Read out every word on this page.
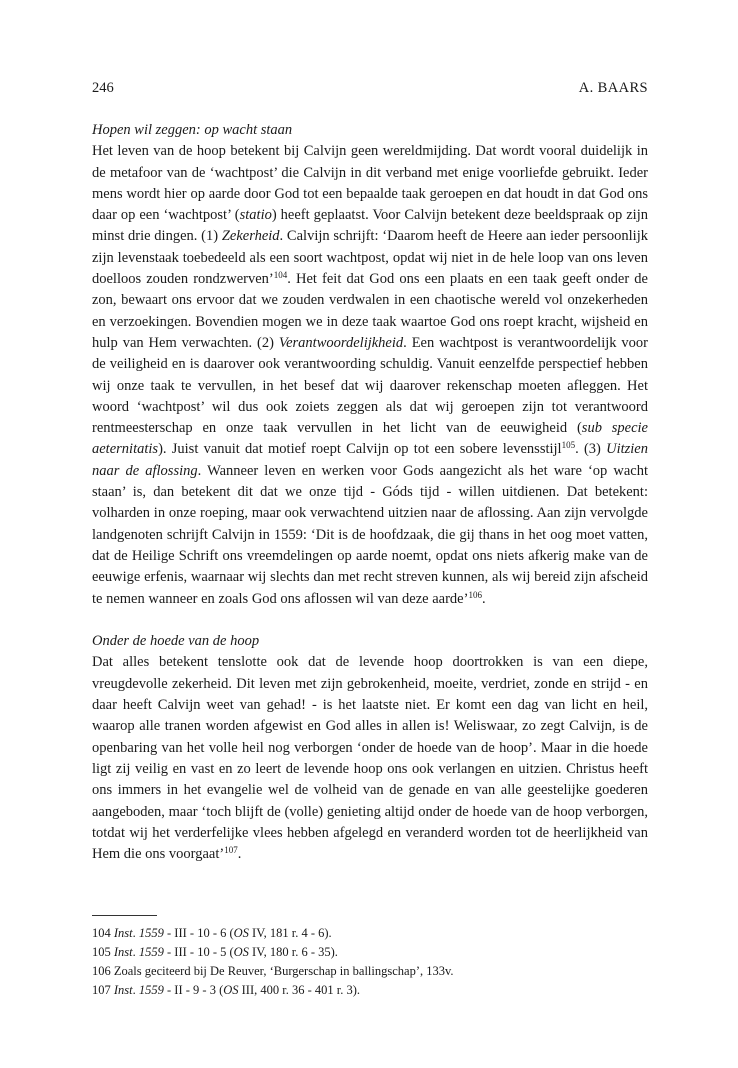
246	A. BAARS

Hopen wil zeggen: op wacht staan

Het leven van de hoop betekent bij Calvijn geen wereldmijding. Dat wordt vooral duidelijk in de metafoor van de ‘wachtpost’ die Calvijn in dit verband met enige voorliefde gebruikt. Ieder mens wordt hier op aarde door God tot een bepaalde taak geroepen en dat houdt in dat God ons daar op een ‘wachtpost’ (statio) heeft geplaatst. Voor Calvijn betekent deze beeldspraak op zijn minst drie dingen. (1) Zekerheid. Calvijn schrijft: ‘Daarom heeft de Heere aan ieder persoonlijk zijn levenstaak toebedeeld als een soort wachtpost, opdat wij niet in de hele loop van ons leven doelloos zouden rondzwerven’$^{104}$. Het feit dat God ons een plaats en een taak geeft onder de zon, bewaart ons ervoor dat we zouden verdwalen in een chaotische wereld vol onzekerheden en verzoekingen. Bovendien mogen we in deze taak waartoe God ons roept kracht, wijsheid en hulp van Hem verwachten. (2) Verantwoordelijkheid. Een wachtpost is verantwoordelijk voor de veiligheid en is daarover ook verantwoording schuldig. Vanuit eenzelfde perspectief hebben wij onze taak te vervullen, in het besef dat wij daarover rekenschap moeten afleggen. Het woord ‘wachtpost’ wil dus ook zoiets zeggen als dat wij geroepen zijn tot verantwoord rentmeesterschap en onze taak vervullen in het licht van de eeuwigheid (sub specie aeternitatis). Juist vanuit dat motief roept Calvijn op tot een sobere levensstijl$^{105}$. (3) Uitzien naar de aflossing. Wanneer leven en werken voor Gods aangezicht als het ware ‘op wacht staan’ is, dan betekent dit dat we onze tijd - Góds tijd - willen uitdienen. Dat betekent: volharden in onze roeping, maar ook verwachtend uitzien naar de aflossing. Aan zijn vervolgde landgenoten schrijft Calvijn in 1559: ‘Dit is de hoofdzaak, die gij thans in het oog moet vatten, dat de Heilige Schrift ons vreemdelingen op aarde noemt, opdat ons niets afkerig make van de eeuwige erfenis, waarnaar wij slechts dan met recht streven kunnen, als wij bereid zijn afscheid te nemen wanneer en zoals God ons aflossen wil van deze aarde’$^{106}$.

Onder de hoede van de hoop

Dat alles betekent tenslotte ook dat de levende hoop doortrokken is van een diepe, vreugdevolle zekerheid. Dit leven met zijn gebrokenheid, moeite, verdriet, zonde en strijd - en daar heeft Calvijn weet van gehad! - is het laatste niet. Er komt een dag van licht en heil, waarop alle tranen worden afgewist en God alles in allen is! Weliswaar, zo zegt Calvijn, is de openbaring van het volle heil nog verborgen ‘onder de hoede van de hoop’. Maar in die hoede ligt zij veilig en vast en zo leert de levende hoop ons ook verlangen en uitzien. Christus heeft ons immers in het evangelie wel de volheid van de genade en van alle geestelijke goederen aangeboden, maar ‘toch blijft de (volle) genieting altijd onder de hoede van de hoop verborgen, totdat wij het verderfelijke vlees hebben afgelegd en veranderd worden tot de heerlijkheid van Hem die ons voorgaat’$^{107}$.

104 Inst. 1559 - III - 10 - 6 (OS IV, 181 r. 4 - 6).
105 Inst. 1559 - III - 10 - 5 (OS IV, 180 r. 6 - 35).
106 Zoals geciteerd bij De Reuver, ‘Burgerschap in ballingschap’, 133v.
107 Inst. 1559 - II - 9 - 3 (OS III, 400 r. 36 - 401 r. 3).
